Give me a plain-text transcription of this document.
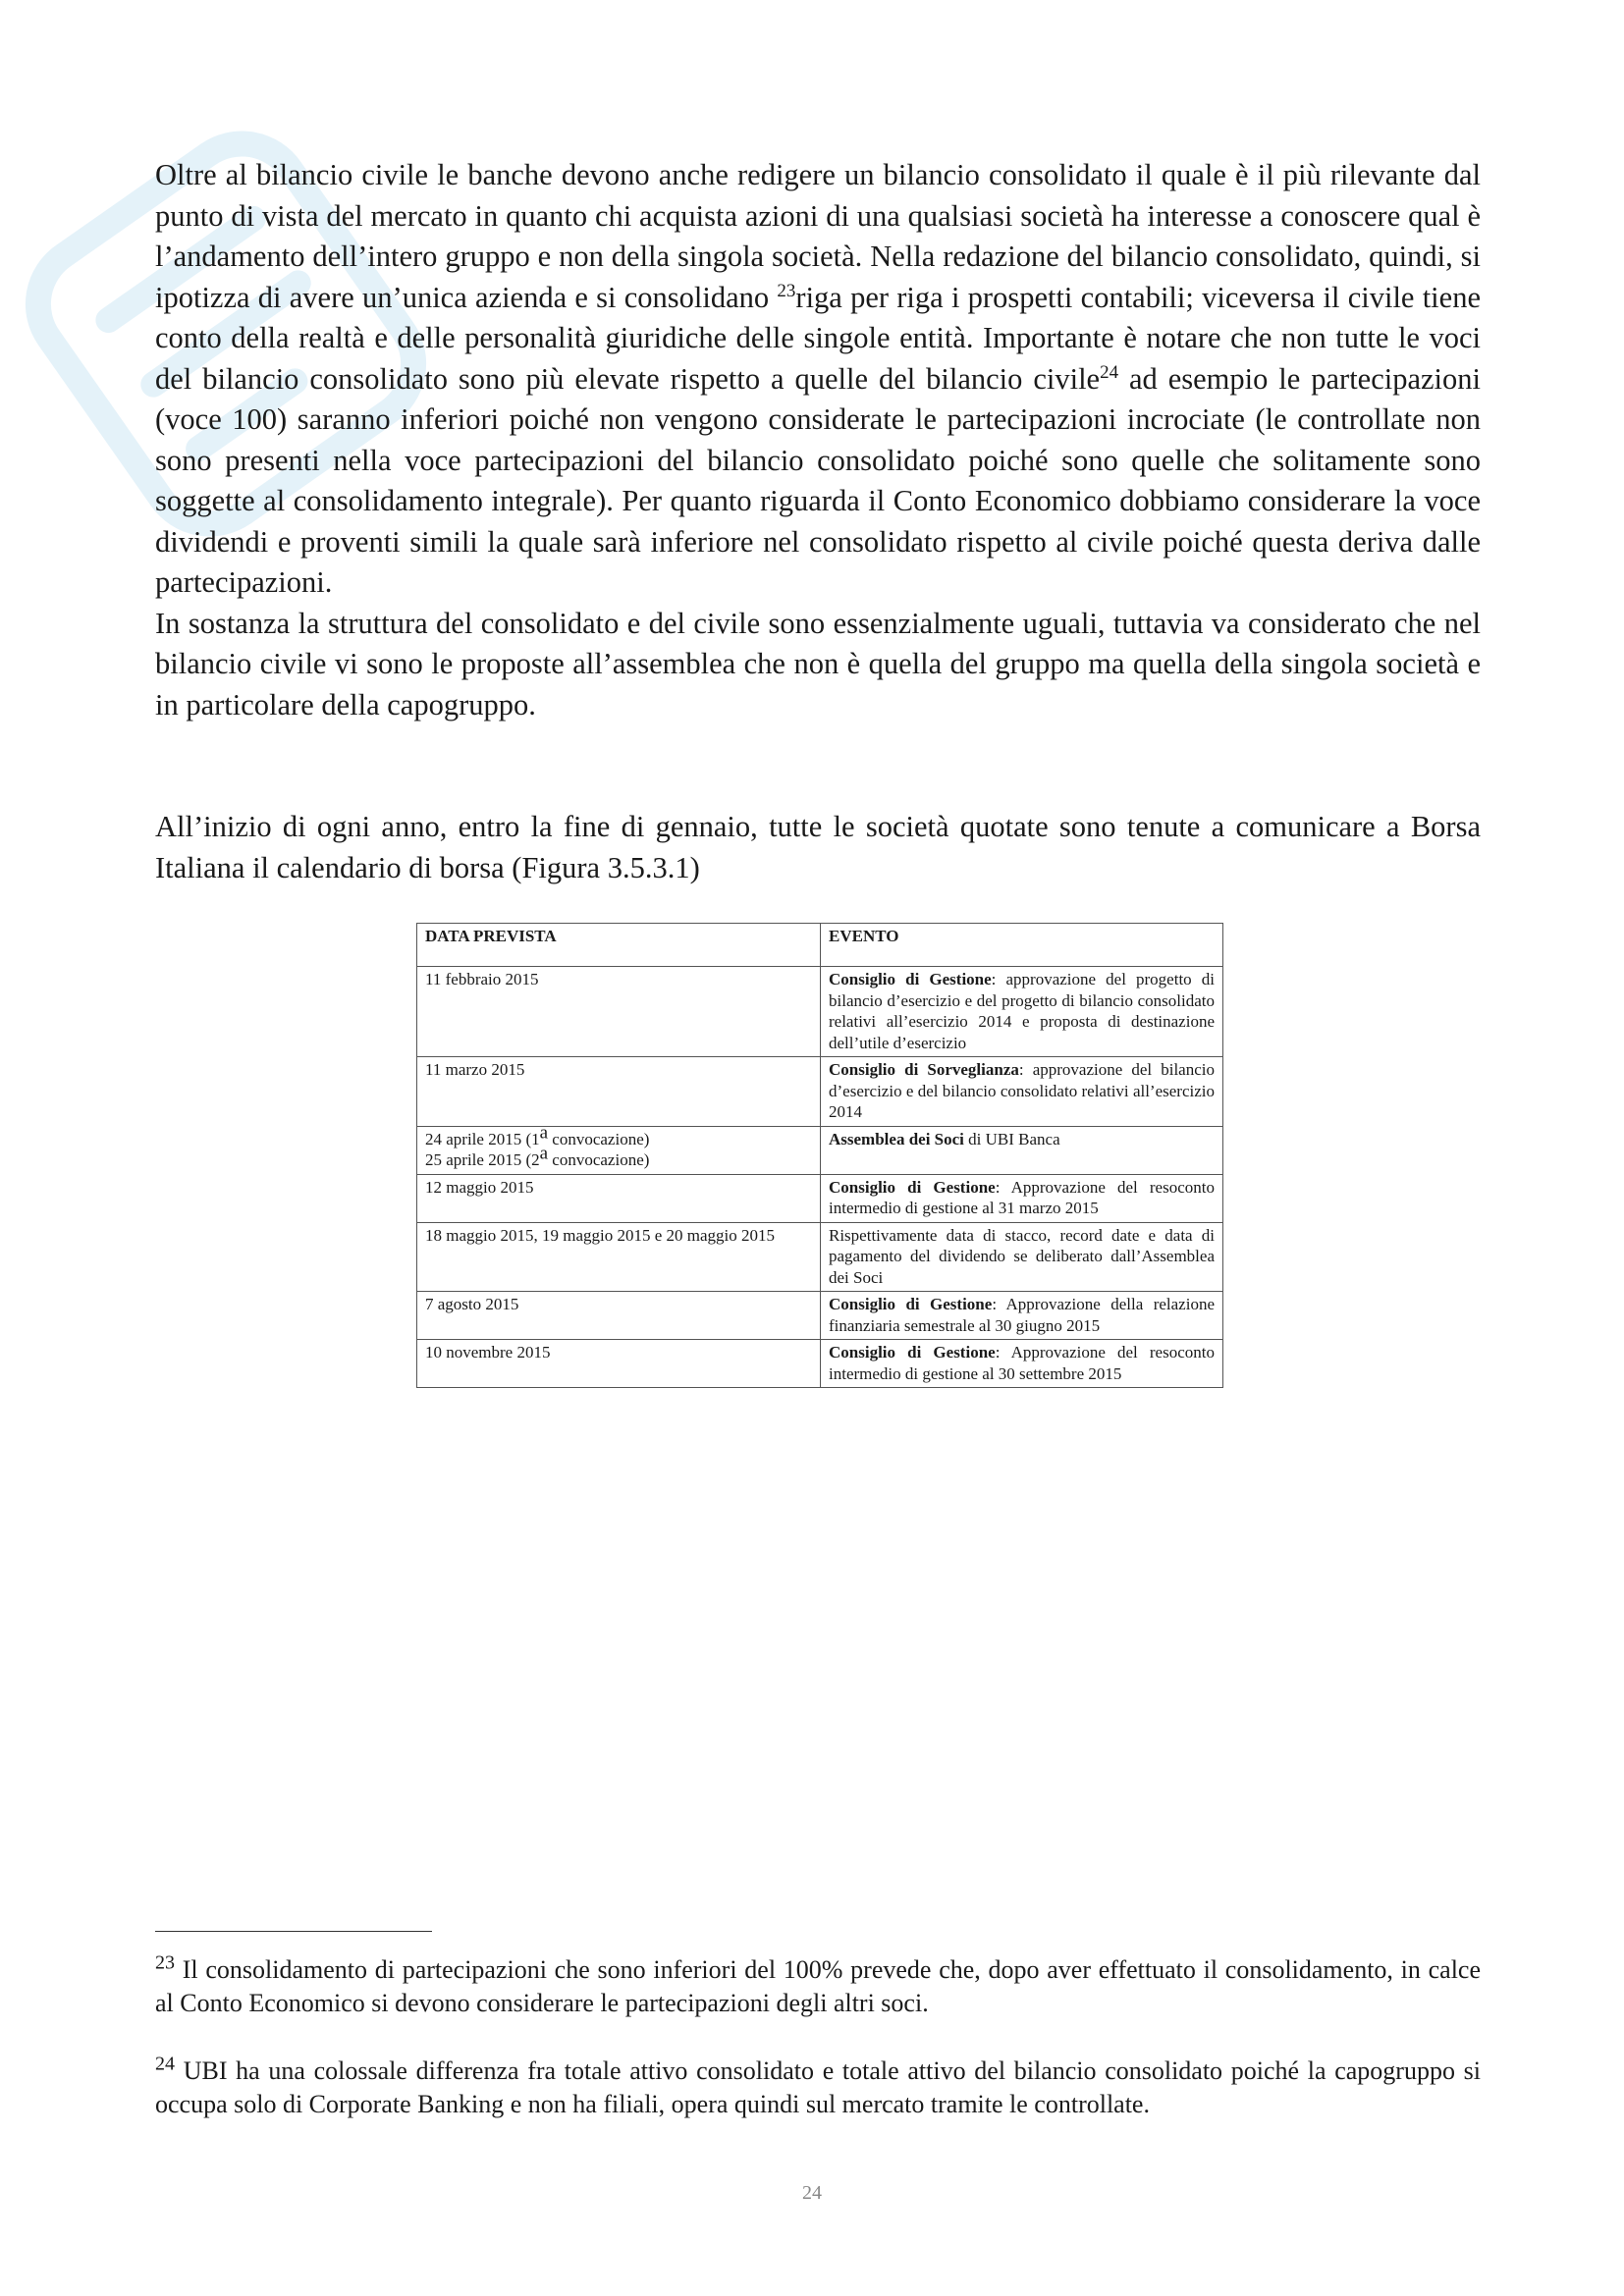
Oltre al bilancio civile le banche devono anche redigere un bilancio consolidato il quale è il più rilevante dal punto di vista del mercato in quanto chi acquista azioni di una qualsiasi società ha interesse a conoscere qual è l’andamento dell’intero gruppo e non della singola società. Nella redazione del bilancio consolidato, quindi, si ipotizza di avere un’unica azienda e si consolidano $^{23}$riga per riga i prospetti contabili; viceversa il civile tiene conto della realtà e delle personalità giuridiche delle singole entità. Importante è notare che non tutte le voci del bilancio consolidato sono più elevate rispetto a quelle del bilancio civile$^{24}$ ad esempio le partecipazioni (voce 100) saranno inferiori poiché non vengono considerate le partecipazioni incrociate (le controllate non sono presenti nella voce partecipazioni del bilancio consolidato poiché sono quelle che solitamente sono soggette al consolidamento integrale). Per quanto riguarda il Conto Economico dobbiamo considerare la voce dividendi e proventi simili la quale sarà inferiore nel consolidato rispetto al civile poiché questa deriva dalle partecipazioni.
In sostanza la struttura del consolidato e del civile sono essenzialmente uguali, tuttavia va considerato che nel bilancio civile vi sono le proposte all’assemblea che non è quella del gruppo ma quella della singola società e in particolare della capogruppo.

All’inizio di ogni anno, entro la fine di gennaio, tutte le società quotate sono tenute a comunicare a Borsa Italiana il calendario di borsa (Figura 3.5.3.1)

DATA PREVISTA	EVENTO
11 febbraio 2015	Consiglio di Gestione: approvazione del progetto di bilancio d’esercizio e del progetto di bilancio consolidato relativi all’esercizio 2014 e proposta di destinazione dell’utile d’esercizio
11 marzo 2015	Consiglio di Sorveglianza: approvazione del bilancio d’esercizio e del bilancio consolidato relativi all’esercizio 2014

24 aprile 2015 (1$^a$ convocazione)
25 aprile 2015 (2$^a$ convocazione)	Assemblea dei Soci di UBI Banca
12 maggio 2015	Consiglio di Gestione: Approvazione del resoconto intermedio di gestione al 31 marzo 2015
18 maggio 2015, 19 maggio 2015 e 20 maggio 2015	Rispettivamente data di stacco, record date e data di pagamento del dividendo se deliberato dall’Assemblea dei Soci
7 agosto 2015	Consiglio di Gestione: Approvazione della relazione finanziaria semestrale al 30 giugno 2015
10 novembre 2015	Consiglio di Gestione: Approvazione del resoconto intermedio di gestione al 30 settembre 2015

$^{23}$ Il consolidamento di partecipazioni che sono inferiori del 100% prevede che, dopo aver effettuato il consolidamento, in calce al Conto Economico si devono considerare le partecipazioni degli altri soci.

$^{24}$ UBI ha una colossale differenza fra totale attivo consolidato e totale attivo del bilancio consolidato poiché la capogruppo si occupa solo di Corporate Banking e non ha filiali, opera quindi sul mercato tramite le controllate.

24
